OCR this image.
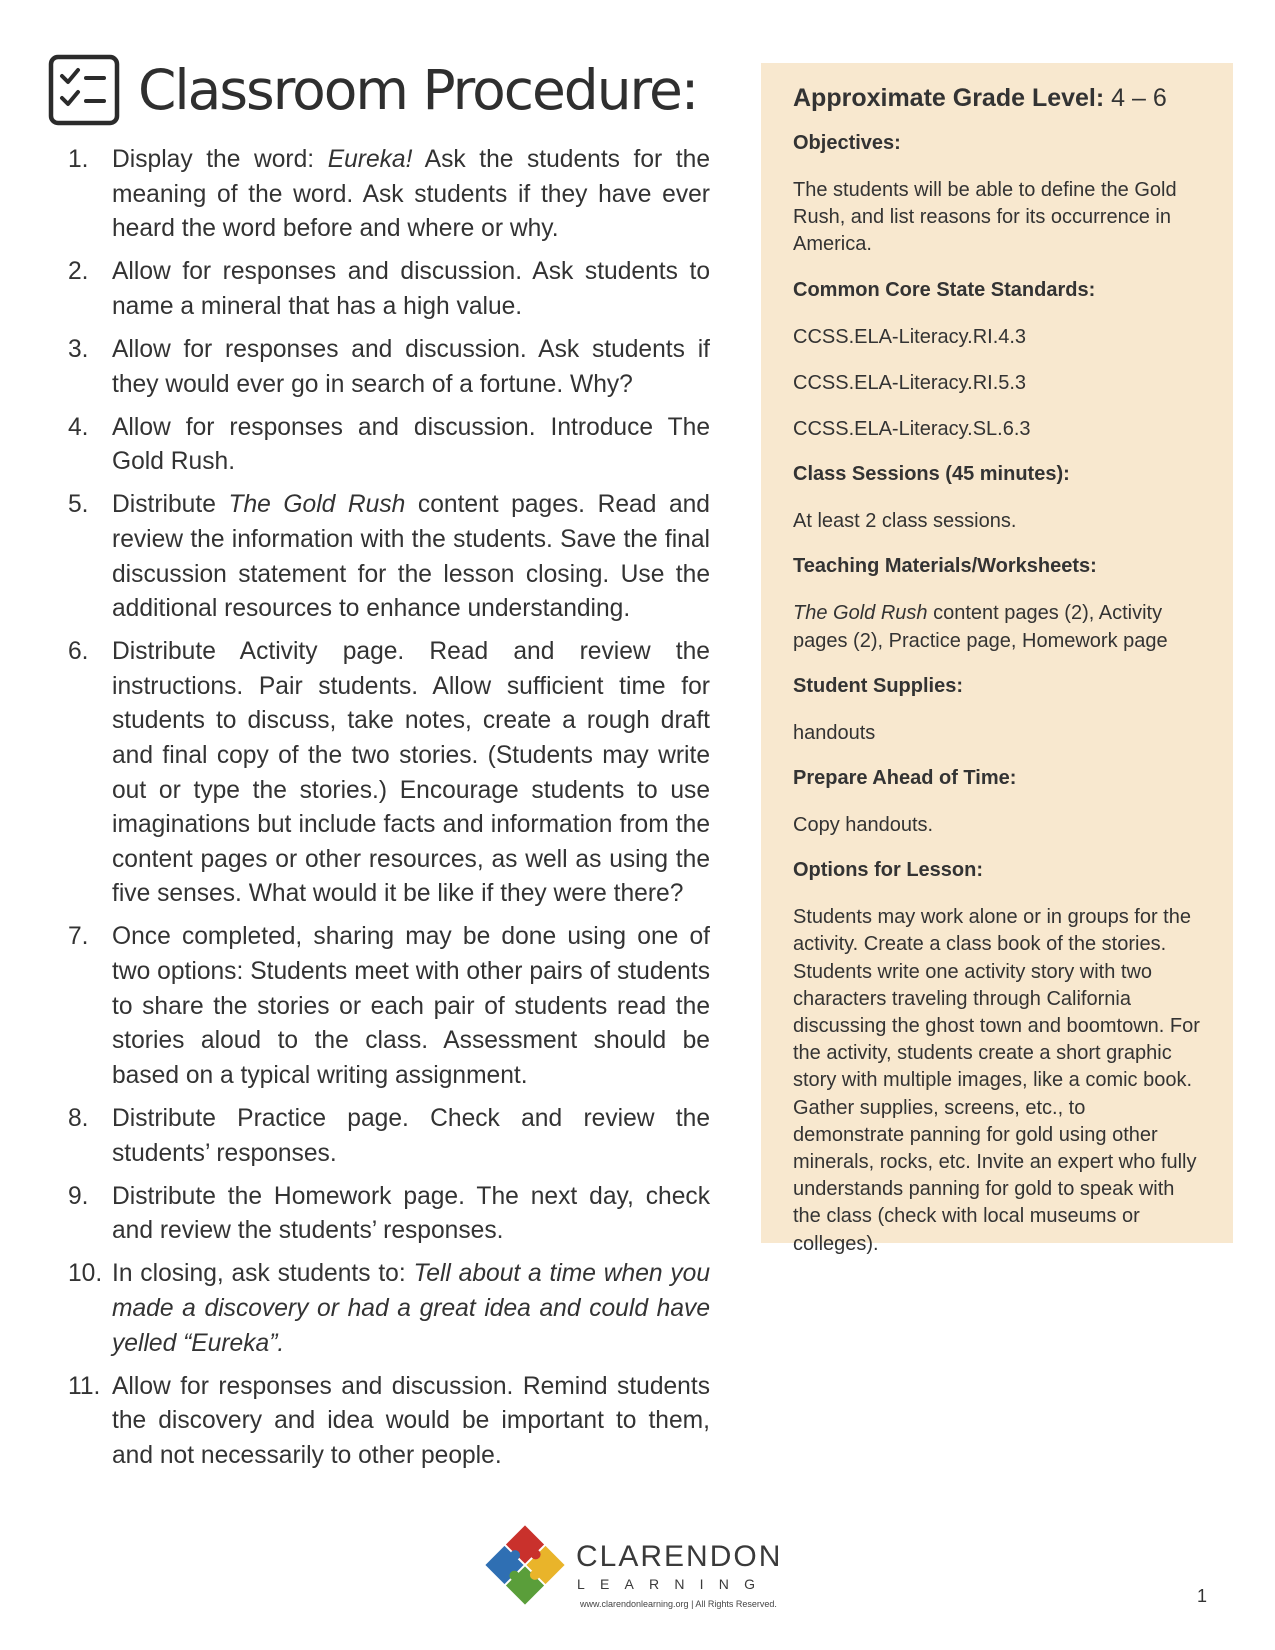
Classroom Procedure:
1. Display the word: Eureka! Ask the students for the meaning of the word. Ask students if they have ever heard the word before and where or why.
2. Allow for responses and discussion. Ask students to name a mineral that has a high value.
3. Allow for responses and discussion. Ask students if they would ever go in search of a fortune. Why?
4. Allow for responses and discussion. Introduce The Gold Rush.
5. Distribute The Gold Rush content pages. Read and review the information with the students. Save the final discussion statement for the lesson closing. Use the additional resources to enhance understanding.
6. Distribute Activity page. Read and review the instructions. Pair students. Allow sufficient time for students to discuss, take notes, create a rough draft and final copy of the two stories. (Students may write out or type the stories.) Encourage students to use imaginations but include facts and information from the content pages or other resources, as well as using the five senses. What would it be like if they were there?
7. Once completed, sharing may be done using one of two options: Students meet with other pairs of students to share the stories or each pair of students read the stories aloud to the class. Assessment should be based on a typical writing assignment.
8. Distribute Practice page. Check and review the students’ responses.
9. Distribute the Homework page. The next day, check and review the students’ responses.
10. In closing, ask students to: Tell about a time when you made a discovery or had a great idea and could have yelled “Eureka”.
11. Allow for responses and discussion. Remind students the discovery and idea would be important to them, and not necessarily to other people.

Approximate Grade Level: 4 – 6

Objectives:

The students will be able to define the Gold Rush, and list reasons for its occurrence in America.

Common Core State Standards:

CCSS.ELA-Literacy.RI.4.3

CCSS.ELA-Literacy.RI.5.3

CCSS.ELA-Literacy.SL.6.3

Class Sessions (45 minutes):

At least 2 class sessions.

Teaching Materials/Worksheets:

The Gold Rush content pages (2), Activity pages (2), Practice page, Homework page

Student Supplies:

handouts

Prepare Ahead of Time:

Copy handouts.

Options for Lesson:

Students may work alone or in groups for the activity. Create a class book of the stories. Students write one activity story with two characters traveling through California discussing the ghost town and boomtown. For the activity, students create a short graphic story with multiple images, like a comic book. Gather supplies, screens, etc., to demonstrate panning for gold using other minerals, rocks, etc. Invite an expert who fully understands panning for gold to speak with the class (check with local museums or colleges).

CLARENDON
LEARNING
www.clarendonlearning.org | All Rights Reserved.	1
